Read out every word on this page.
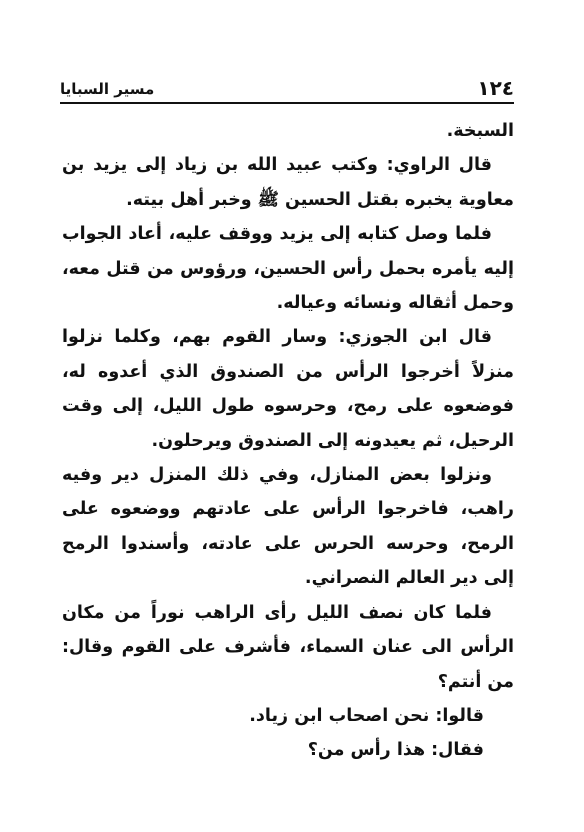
١٢٤
مسير السبايا

السبخة.

قال الراوي: وكتب عبيد الله بن زياد إلى يزيد بن معاوية يخبره بقتل الحسين ﷺ وخبر أهل بيته.

فلما وصل كتابه إلى يزيد ووقف عليه، أعاد الجواب إليه يأمره بحمل رأس الحسين، ورؤوس من قتل معه، وحمل أثقاله ونسائه وعياله.

قال ابن الجوزي: وسار القوم بهم، وكلما نزلوا منزلاً أخرجوا الرأس من الصندوق الذي أعدوه له، فوضعوه على رمح، وحرسوه طول الليل، إلى وقت الرحيل، ثم يعيدونه إلى الصندوق ويرحلون.

ونزلوا بعض المنازل، وفي ذلك المنزل دير وفيه راهب، فاخرجوا الرأس على عادتهم ووضعوه على الرمح، وحرسه الحرس على عادته، وأسندوا الرمح إلى دير العالم النصراني.

فلما كان نصف الليل رأى الراهب نوراً من مكان الرأس الى عنان السماء، فأشرف على القوم وقال: من أنتم؟

قالوا: نحن اصحاب ابن زياد.

فقال: هذا رأس من؟
